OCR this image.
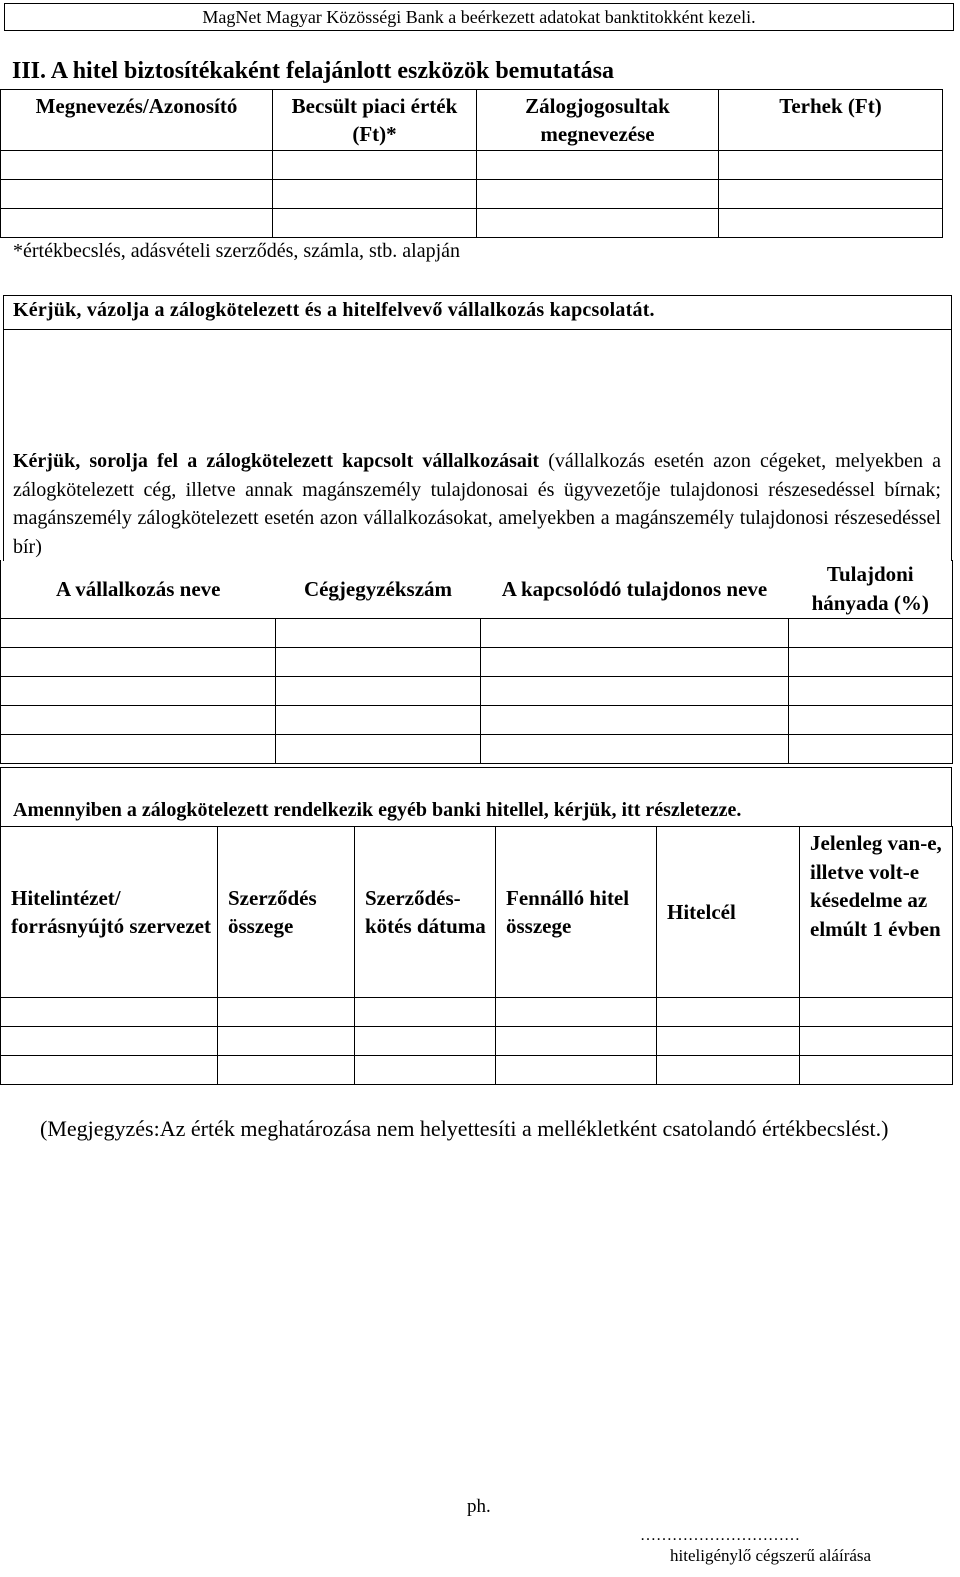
MagNet Magyar Közösségi Bank a beérkezett adatokat banktitokként kezeli.
III. A hitel biztosítékaként felajánlott eszközök bemutatása
Megnevezés/Azonosító	Becsült piaci érték (Ft)*	Zálogjogosultak megnevezése	Terhek (Ft)

*értékbecslés, adásvételi szerződés, számla, stb. alapján
Kérjük, vázolja a zálogkötelezett és a hitelfelvevő vállalkozás kapcsolatát.
Kérjük, sorolja fel a zálogkötelezett kapcsolt vállalkozásait (vállalkozás esetén azon cégeket, melyekben a zálogkötelezett cég, illetve annak magánszemély tulajdonosai és ügyvezetője tulajdonosi részesedéssel bírnak; magánszemély zálogkötelezett esetén azon vállalkozásokat, amelyekben a magánszemély tulajdonosi részesedéssel bír)
A vállalkozás neve	Cégjegyzékszám	A kapcsolódó tulajdonos neve	Tulajdoni hányada (%)

Amennyiben a zálogkötelezett rendelkezik egyéb banki hitellel, kérjük, itt részletezze.
Hitelintézet/ forrásnyújtó szervezet	Szerződés összege	Szerződés-kötés dátuma	Fennálló hitel összege	Hitelcél	Jelenleg van-e, illetve volt-e késedelme az elmúlt 1 évben

(Megjegyzés:Az érték meghatározása nem helyettesíti a mellékletként csatolandó értékbecslést.)
ph.
…………………………
hiteligénylő cégszerű aláírása
